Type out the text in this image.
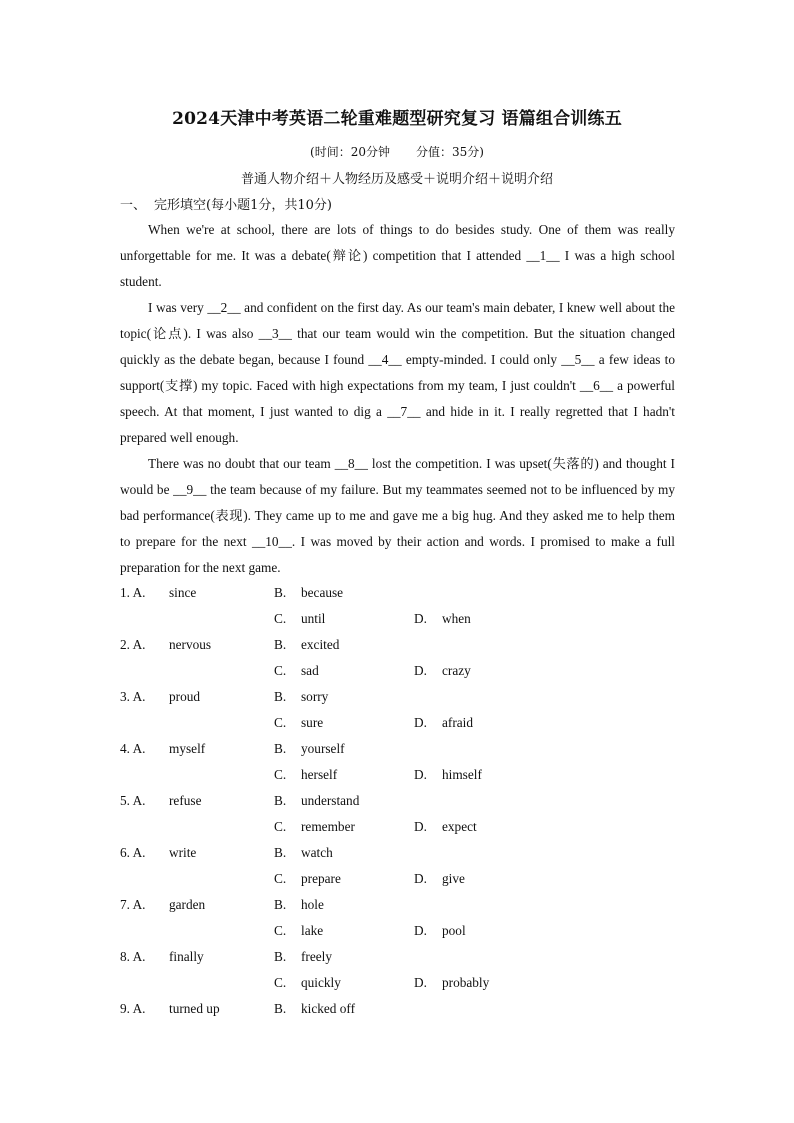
2024天津中考英语二轮重难题型研究复习 语篇组合训练五
(时间：20分钟 分值：35分)
普通人物介绍＋人物经历及感受＋说明介绍＋说明介绍
一、 完形填空(每小题1分，共10分)

When we're at school, there are lots of things to do besides study. One of them was really unforgettable for me. It was a debate(辩论) competition that I attended __1__ I was a high school student.

I was very __2__ and confident on the first day. As our team's main debater, I knew well about the topic(论点). I was also __3__ that our team would win the competition. But the situation changed quickly as the debate began, because I found __4__ empty-minded. I could only __5__ a few ideas to support(支撑) my topic. Faced with high expectations from my team, I just couldn't __6__ a powerful speech. At that moment, I just wanted to dig a __7__ and hide in it. I really regretted that I hadn't prepared well enough.

There was no doubt that our team __8__ lost the competition. I was upset(失落的) and thought I would be __9__ the team because of my failure. But my teammates seemed not to be influenced by my bad performance(表现). They came up to me and gave me a big hug. And they asked me to help them to prepare for the next __10__. I was moved by their action and words. I promised to make a full preparation for the next game.

1. A. since	B. because
C. until	D. when
2. A. nervous	B. excited
C. sad	D. crazy
3. A. proud	B. sorry
C. sure	D. afraid
4. A. myself	B. yourself
C. herself	D. himself
5. A. refuse	B. understand
C. remember	D. expect
6. A. write	B. watch
C. prepare	D. give
7. A. garden	B. hole
C. lake	D. pool
8. A. finally	B. freely
C. quickly	D. probably
9. A. turned up	B. kicked off
